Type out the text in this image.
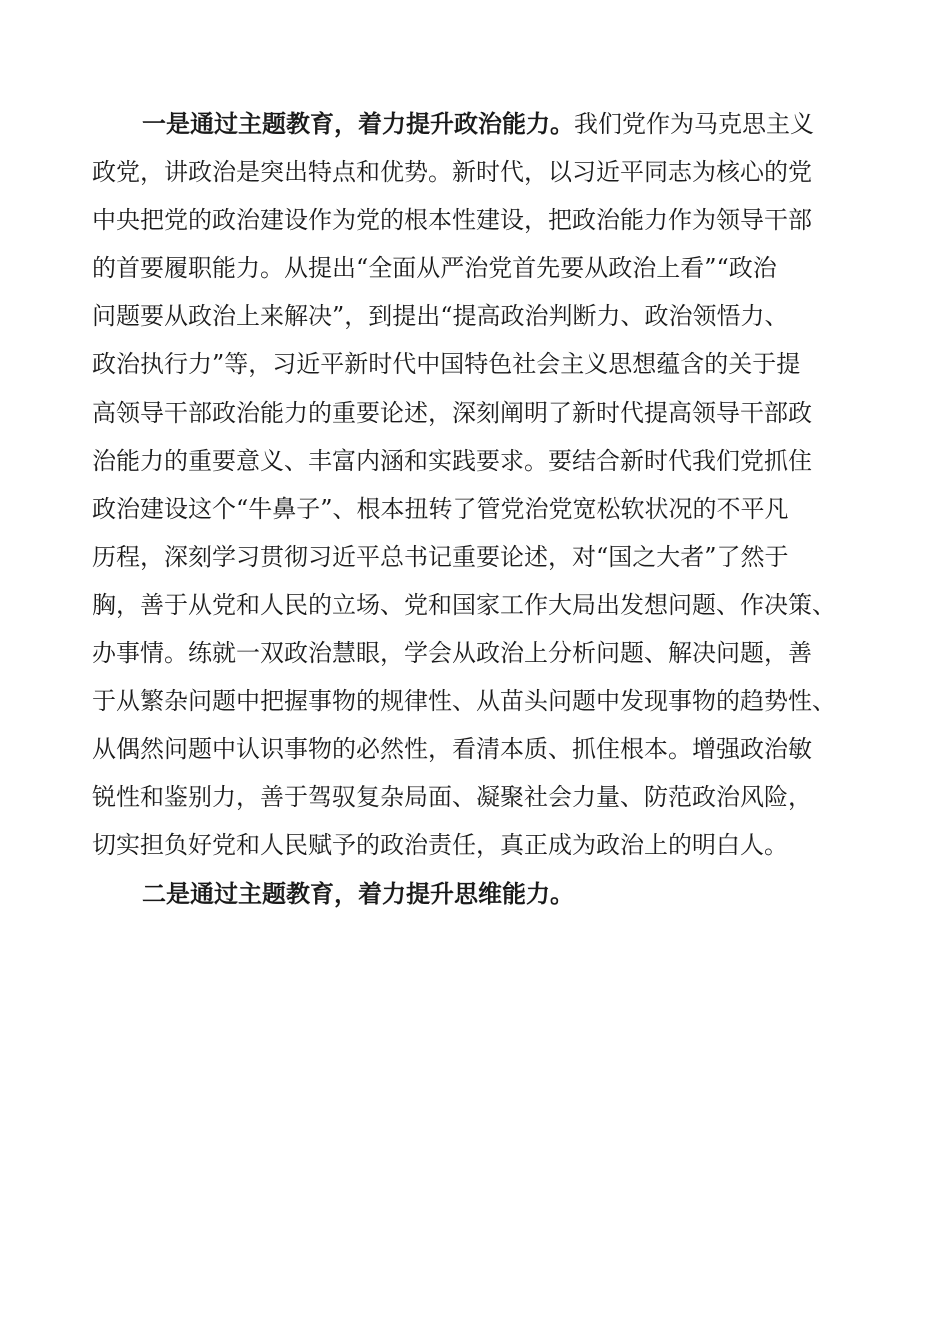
一是通过主题教育，着力提升政治能力。我们党作为马克思主义
政党，讲政治是突出特点和优势。新时代，以习近平同志为核心的党
中央把党的政治建设作为党的根本性建设，把政治能力作为领导干部
的首要履职能力。从提出“全面从严治党首先要从政治上看”“政治
问题要从政治上来解决”，到提出“提高政治判断力、政治领悟力、
政治执行力”等，习近平新时代中国特色社会主义思想蕴含的关于提
高领导干部政治能力的重要论述，深刻阐明了新时代提高领导干部政
治能力的重要意义、丰富内涵和实践要求。要结合新时代我们党抓住
政治建设这个“牛鼻子”、根本扭转了管党治党宽松软状况的不平凡
历程，深刻学习贯彻习近平总书记重要论述，对“国之大者”了然于
胸，善于从党和人民的立场、党和国家工作大局出发想问题、作决策、
办事情。练就一双政治慧眼，学会从政治上分析问题、解决问题，善
于从繁杂问题中把握事物的规律性、从苗头问题中发现事物的趋势性、
从偶然问题中认识事物的必然性，看清本质、抓住根本。增强政治敏
锐性和鉴别力，善于驾驭复杂局面、凝聚社会力量、防范政治风险，
切实担负好党和人民赋予的政治责任，真正成为政治上的明白人。
二是通过主题教育，着力提升思维能力。
